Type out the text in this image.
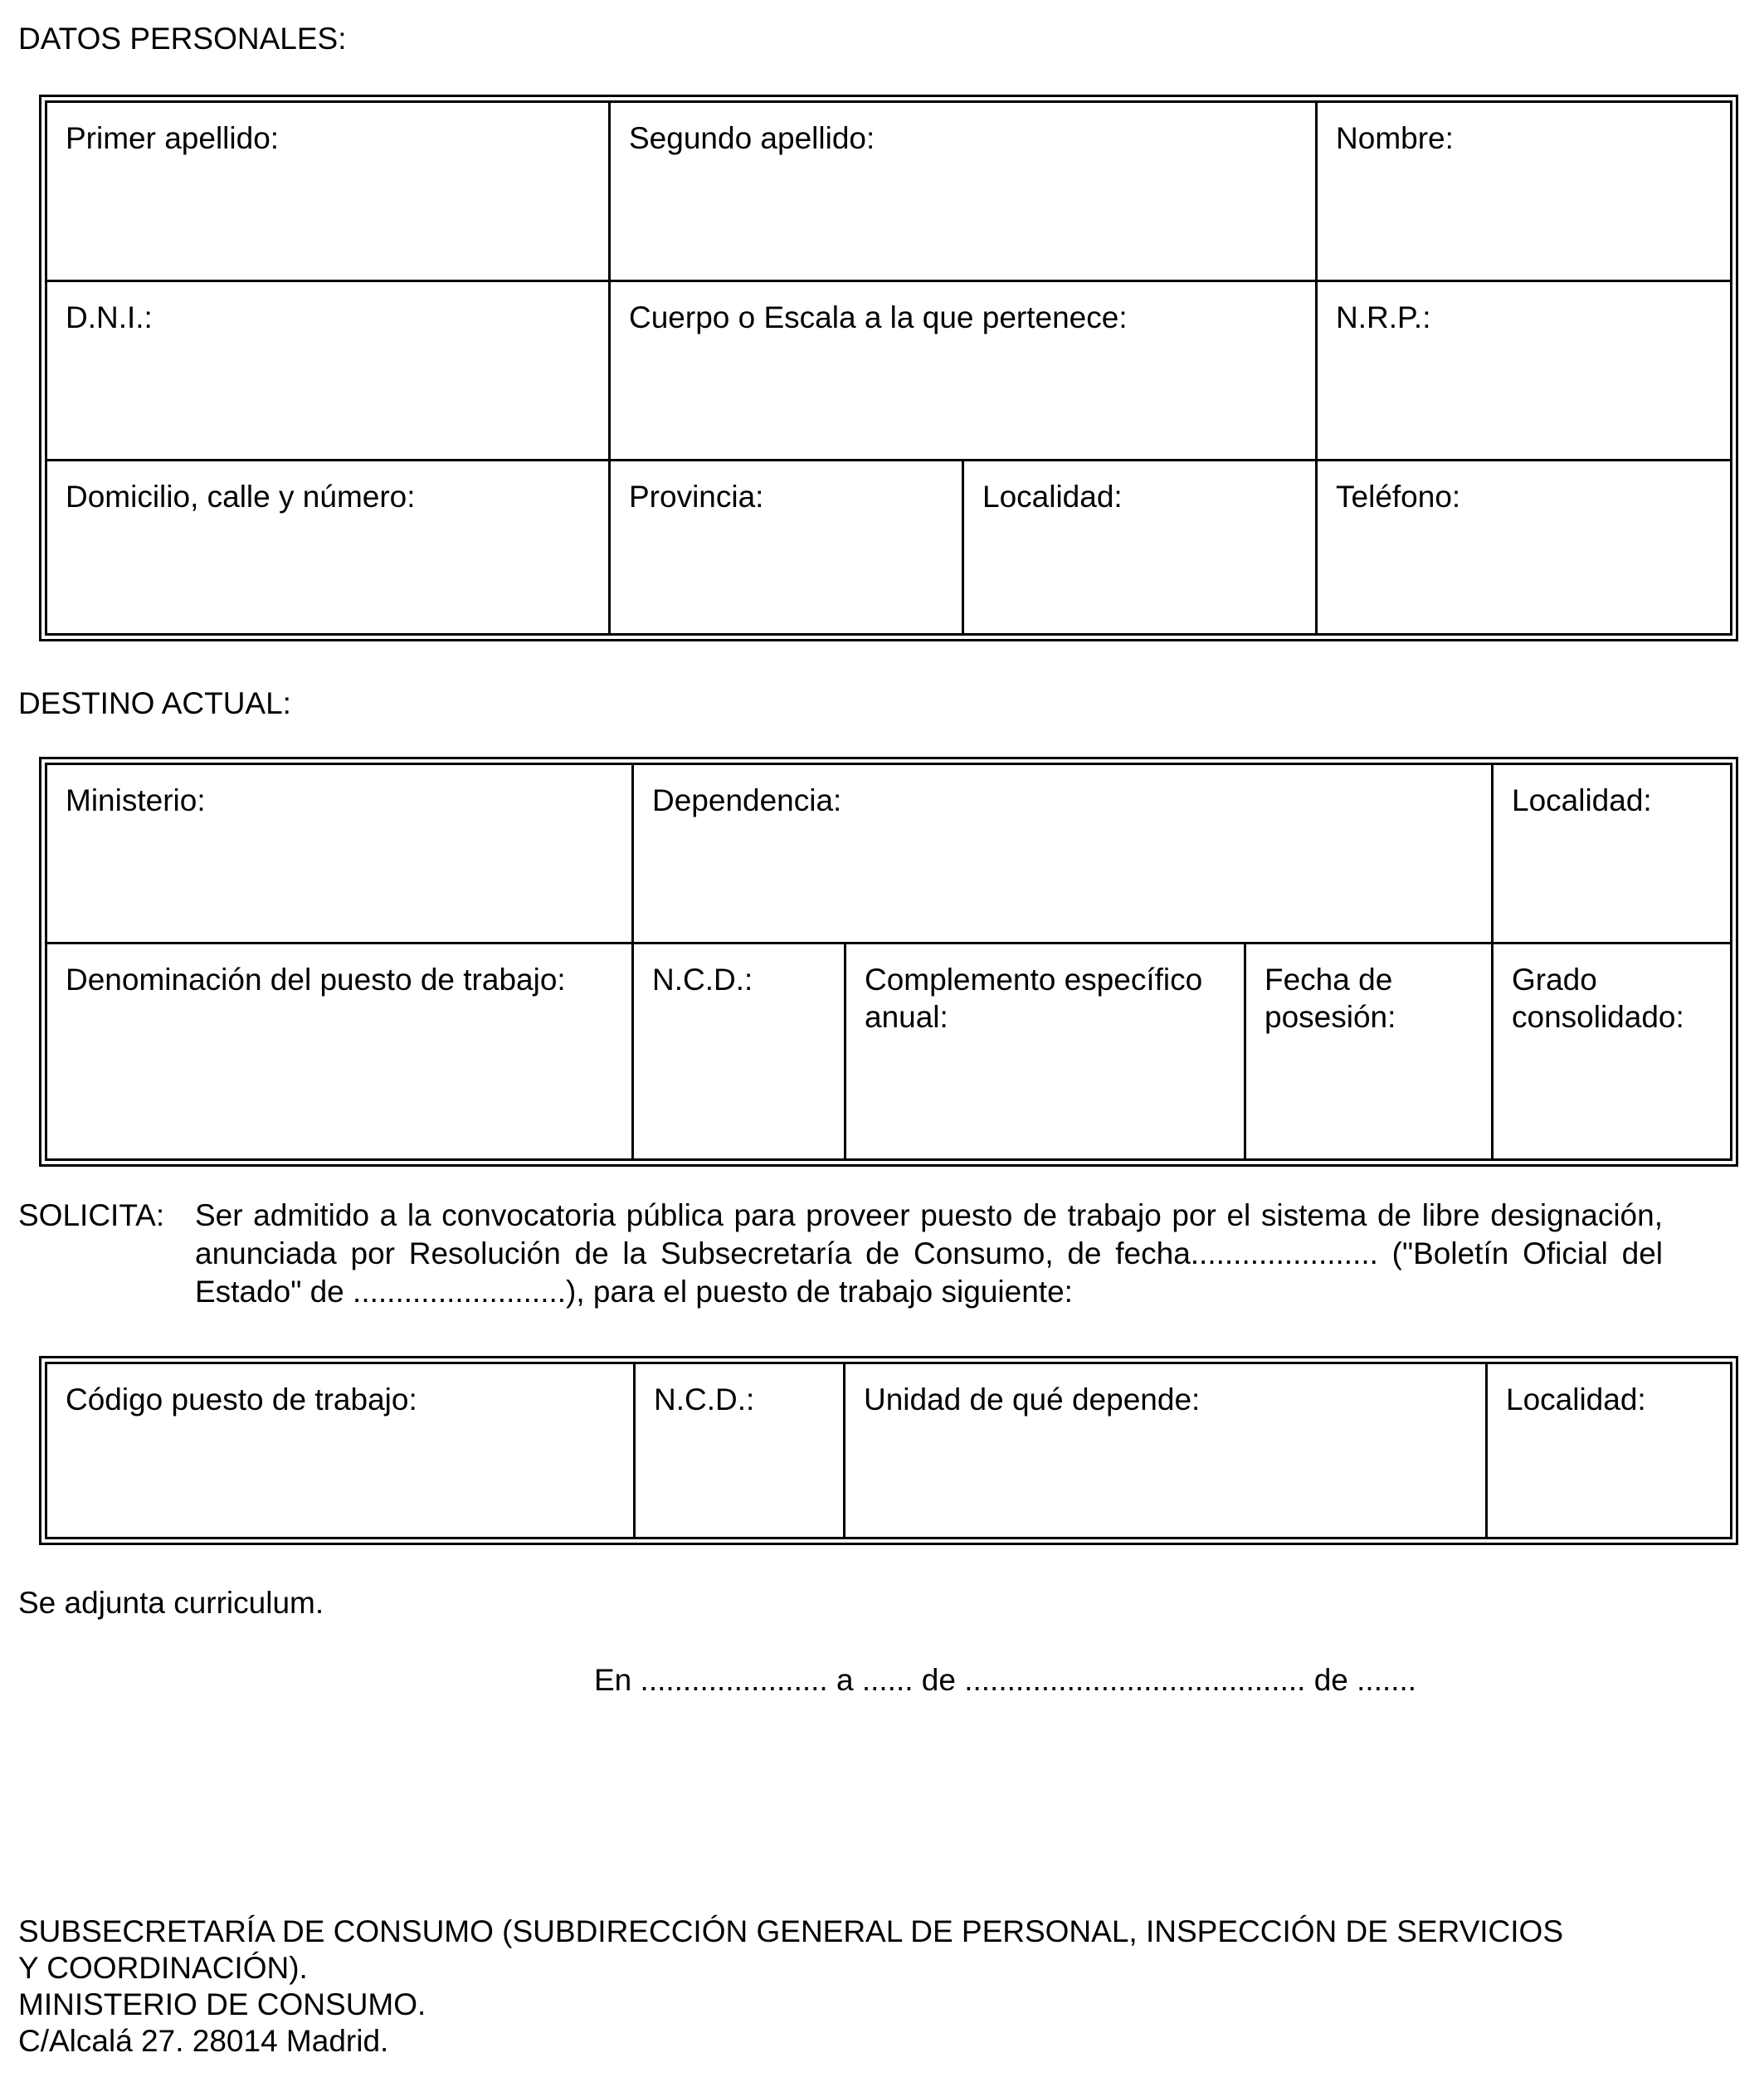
DATOS PERSONALES:
Primer apellido:	Segundo apellido:		Nombre:
D.N.I.:	Cuerpo o Escala a la que pertenece:		N.R.P.:
Domicilio, calle y número:	Provincia:	Localidad:	Teléfono:
DESTINO ACTUAL:
Ministerio:	Dependencia:			Localidad:
Denominación del puesto de trabajo:	N.C.D.:	Complemento específico anual:	Fecha de posesión:	Grado consolidado:
SOLICITA: Ser admitido a la convocatoria pública para proveer puesto de trabajo por el sistema de libre designación, anunciada por Resolución de la Subsecretaría de Consumo, de fecha...................... ("Boletín Oficial del Estado" de .........................), para el puesto de trabajo siguiente:
Código puesto de trabajo:	N.C.D.:	Unidad de qué depende:	Localidad:
Se adjunta curriculum.
En ...................... a ...... de ........................................ de .......
SUBSECRETARÍA DE CONSUMO (SUBDIRECCIÓN GENERAL DE PERSONAL, INSPECCIÓN DE SERVICIOS
Y COORDINACIÓN).
MINISTERIO DE CONSUMO.
C/Alcalá 27. 28014 Madrid.
